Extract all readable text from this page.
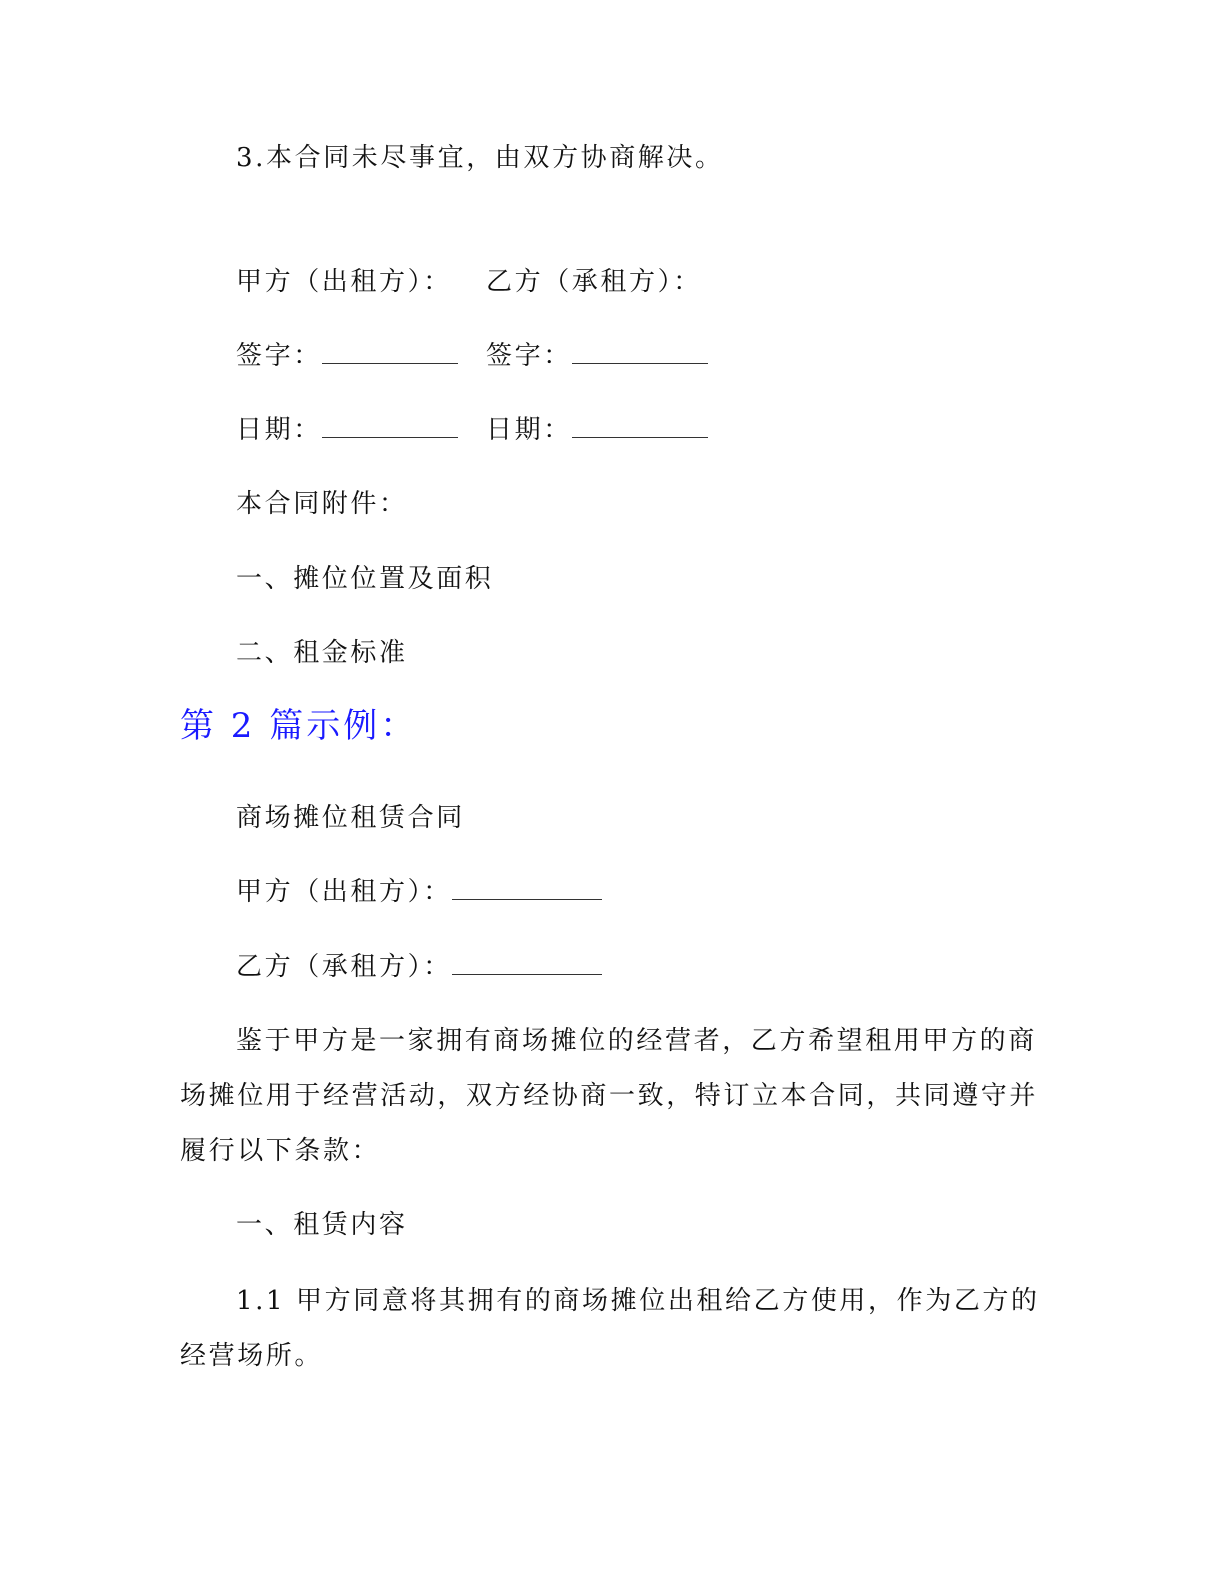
3.本合同未尽事宜，由双方协商解决。
甲方（出租方）： 乙方（承租方）：
签字：	签字：
日期：	日期：
本合同附件：
一、摊位位置及面积
二、租金标准
第 2 篇示例：
商场摊位租赁合同
甲方（出租方）：
乙方（承租方）：
鉴于甲方是一家拥有商场摊位的经营者，乙方希望租用甲方的商
场摊位用于经营活动，双方经协商一致，特订立本合同，共同遵守并
履行以下条款：
一、租赁内容
1.1 甲方同意将其拥有的商场摊位出租给乙方使用，作为乙方的
经营场所。
